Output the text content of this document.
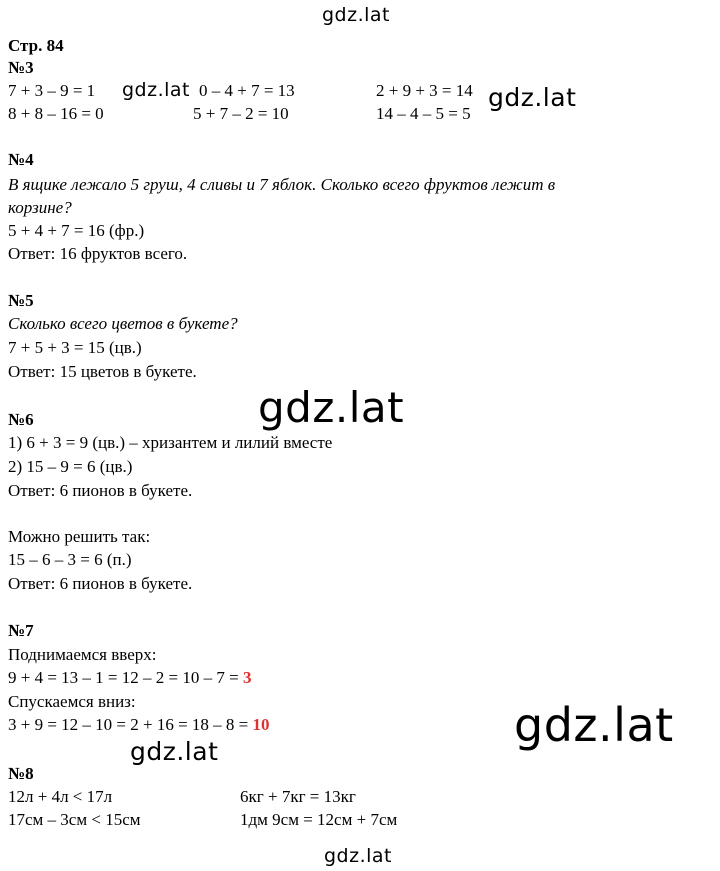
gdz.lat
Стр. 84
№3
7 + 3 – 9 = 1 gdz.lat 0 – 4 + 7 = 13	2 + 9 + 3 = 14 gdz.lat
8 + 8 – 16 = 0	5 + 7 – 2 = 10	14 – 4 – 5 = 5
№4
В ящике лежало 5 груш, 4 сливы и 7 яблок. Сколько всего фруктов лежит в
корзине?
5 + 4 + 7 = 16 (фр.)
Ответ: 16 фруктов всего.
№5
Сколько всего цветов в букете?
7 + 5 + 3 = 15 (цв.)
Ответ: 15 цветов в букете.
gdz.lat
№6
1) 6 + 3 = 9 (цв.) – хризантем и лилий вместе
2) 15 – 9 = 6 (цв.)
Ответ: 6 пионов в букете.
Можно решить так:
15 – 6 – 3 = 6 (п.)
Ответ: 6 пионов в букете.
№7
Поднимаемся вверх:
9 + 4 = 13 – 1 = 12 – 2 = 10 – 7 = 3
Спускаемся вниз:
3 + 9 = 12 – 10 = 2 + 16 = 18 – 8 = 10	gdz.lat
gdz.lat
№8
12л + 4л < 17л	6кг + 7кг = 13кг
17см – 3см < 15см	1дм 9см = 12см + 7см
gdz.lat
